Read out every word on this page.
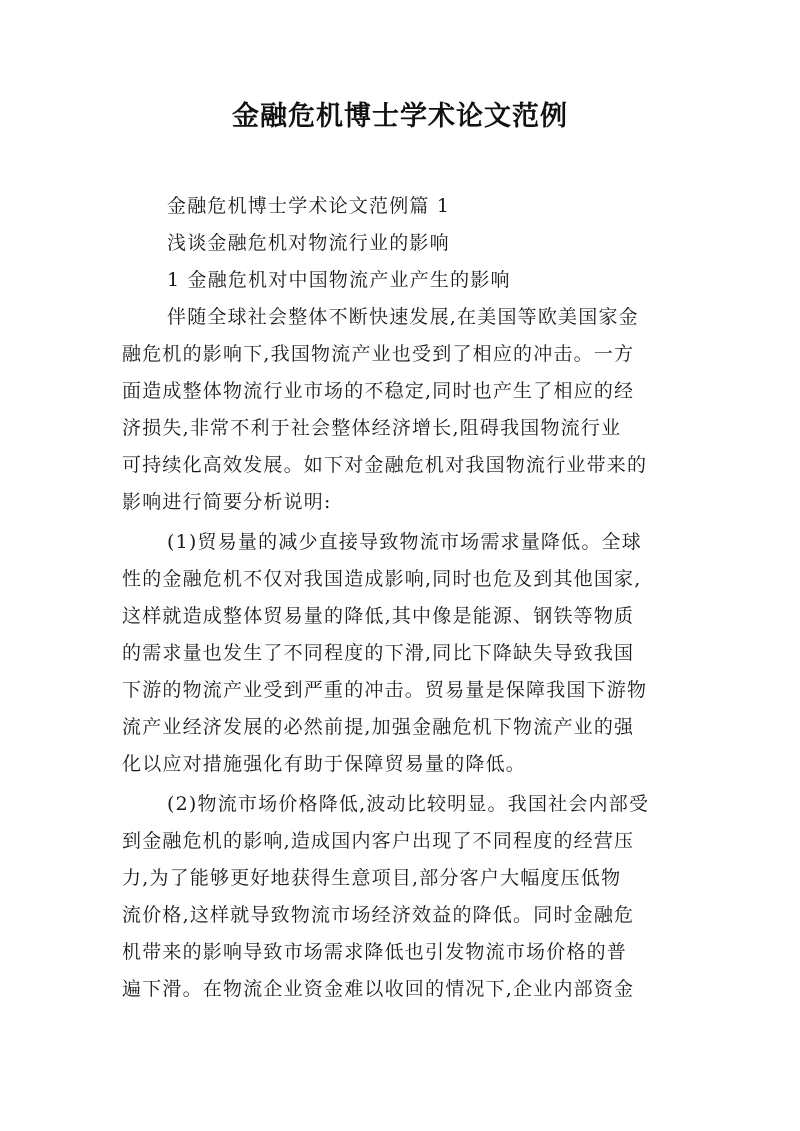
金融危机博士学术论文范例
金融危机博士学术论文范例篇 1
浅谈金融危机对物流行业的影响
1 金融危机对中国物流产业产生的影响
伴随全球社会整体不断快速发展,在美国等欧美国家金
融危机的影响下,我国物流产业也受到了相应的冲击。一方
面造成整体物流行业市场的不稳定,同时也产生了相应的经
济损失,非常不利于社会整体经济增长,阻碍我国物流行业
可持续化高效发展。如下对金融危机对我国物流行业带来的
影响进行简要分析说明:
(1)贸易量的减少直接导致物流市场需求量降低。全球
性的金融危机不仅对我国造成影响,同时也危及到其他国家,
这样就造成整体贸易量的降低,其中像是能源、钢铁等物质
的需求量也发生了不同程度的下滑,同比下降缺失导致我国
下游的物流产业受到严重的冲击。贸易量是保障我国下游物
流产业经济发展的必然前提,加强金融危机下物流产业的强
化以应对措施强化有助于保障贸易量的降低。
(2)物流市场价格降低,波动比较明显。我国社会内部受
到金融危机的影响,造成国内客户出现了不同程度的经营压
力,为了能够更好地获得生意项目,部分客户大幅度压低物
流价格,这样就导致物流市场经济效益的降低。同时金融危
机带来的影响导致市场需求降低也引发物流市场价格的普
遍下滑。在物流企业资金难以收回的情况下,企业内部资金
